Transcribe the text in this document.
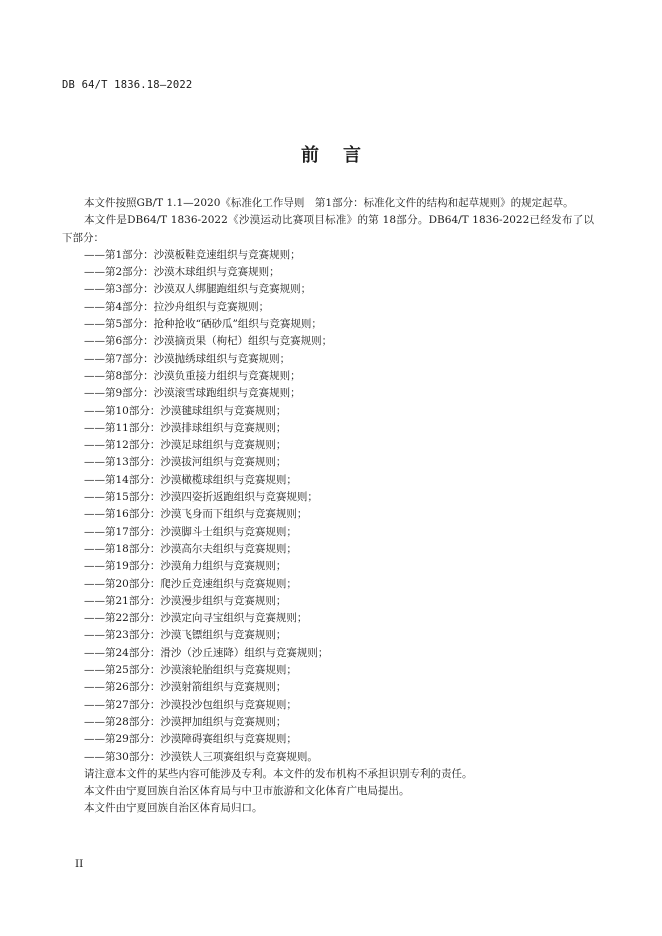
DB 64/T 1836.18—2022
前言

本文件按照GB/T 1.1—2020《标准化工作导则　第1部分：标准化文件的结构和起草规则》的规定起草。

本文件是DB64/T 1836-2022《沙漠运动比赛项目标准》的第 18部分。DB64/T 1836-2022已经发布了以下部分：

——第1部分：沙漠板鞋竞速组织与竞赛规则；
——第2部分：沙漠木球组织与竞赛规则；
——第3部分：沙漠双人绑腿跑组织与竞赛规则；
——第4部分：拉沙舟组织与竞赛规则；
——第5部分：抢种抢收“硒砂瓜”组织与竞赛规则；
——第6部分：沙漠摘贡果（枸杞）组织与竞赛规则；
——第7部分：沙漠抛绣球组织与竞赛规则；
——第8部分：沙漠负重接力组织与竞赛规则；
——第9部分：沙漠滚雪球跑组织与竞赛规则；
——第10部分：沙漠毽球组织与竞赛规则；
——第11部分：沙漠排球组织与竞赛规则；
——第12部分：沙漠足球组织与竞赛规则；
——第13部分：沙漠拔河组织与竞赛规则；
——第14部分：沙漠橄榄球组织与竞赛规则；
——第15部分：沙漠四姿折返跑组织与竞赛规则；
——第16部分：沙漠飞身而下组织与竞赛规则；
——第17部分：沙漠脚斗士组织与竞赛规则；
——第18部分：沙漠高尔夫组织与竞赛规则；
——第19部分：沙漠角力组织与竞赛规则；
——第20部分：爬沙丘竞速组织与竞赛规则；
——第21部分：沙漠漫步组织与竞赛规则；
——第22部分：沙漠定向寻宝组织与竞赛规则；
——第23部分：沙漠飞镖组织与竞赛规则；
——第24部分：滑沙（沙丘速降）组织与竞赛规则；
——第25部分：沙漠滚轮胎组织与竞赛规则；
——第26部分：沙漠射箭组织与竞赛规则；
——第27部分：沙漠投沙包组织与竞赛规则；
——第28部分：沙漠押加组织与竞赛规则；
——第29部分：沙漠障碍赛组织与竞赛规则；
——第30部分：沙漠铁人三项赛组织与竞赛规则。

请注意本文件的某些内容可能涉及专利。本文件的发布机构不承担识别专利的责任。

本文件由宁夏回族自治区体育局与中卫市旅游和文化体育广电局提出。

本文件由宁夏回族自治区体育局归口。

II
